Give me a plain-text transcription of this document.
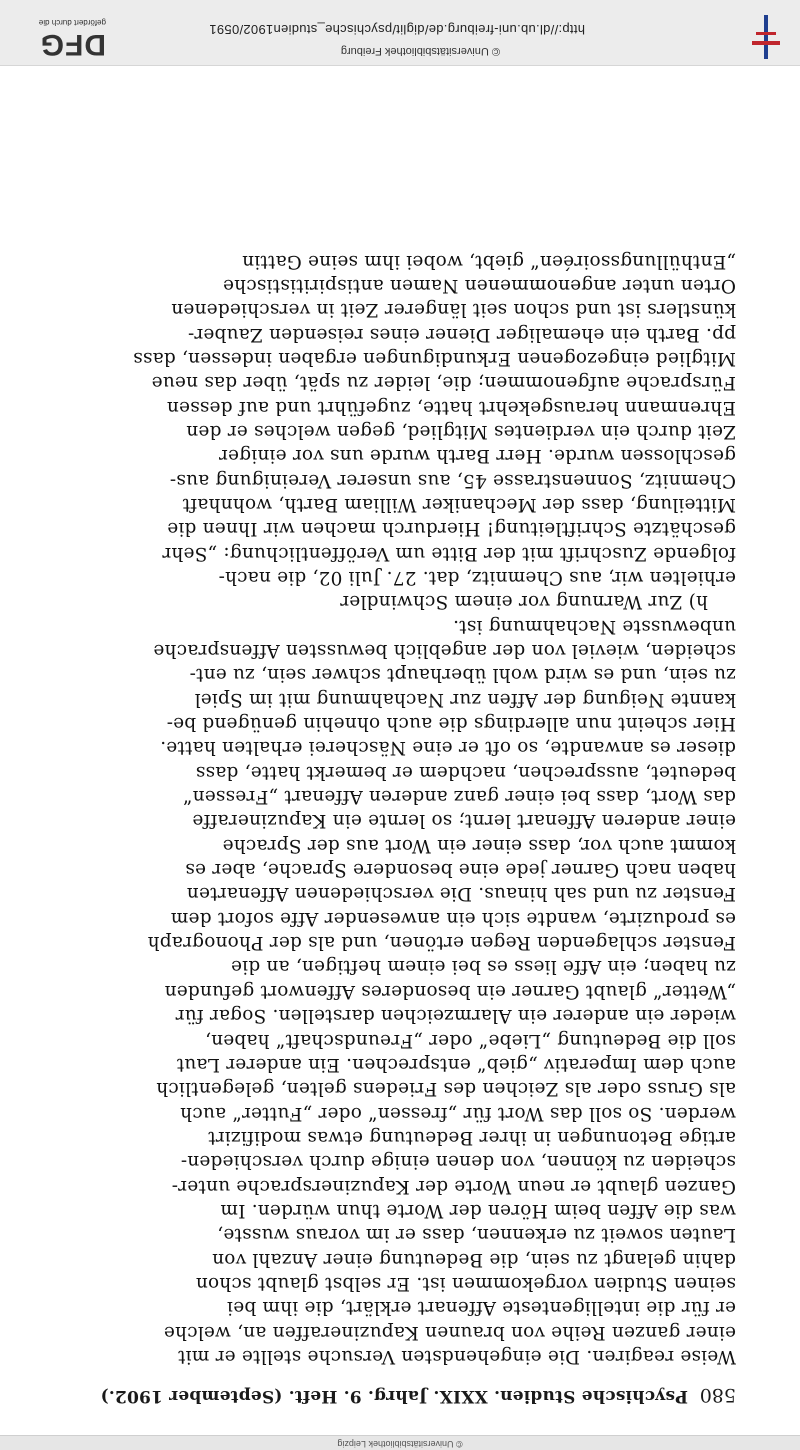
© Universitätsbibliothek Leipzig
580
Psychische Studien. XXIX. Jahrg. 9. Heft. (September 1902.)
Weise reagiren. Die eingehendsten Versuche stellte er mit
einer ganzen Reihe von braunen Kapuzineraffen an, welche
er für die intelligenteste Affenart erklärt, die ihm bei
seinen Studien vorgekommen ist. Er selbst glaubt schon
dahin gelangt zu sein, die Bedeutung einer Anzahl von
Lauten soweit zu erkennen, dass er im voraus wusste,
was die Affen beim Hören der Worte thun würden. Im
Ganzen glaubt er neun Worte der Kapuzinersprache unter-
scheiden zu können, von denen einige durch verschieden-
artige Betonungen in ihrer Bedeutung etwas modifizirt
werden. So soll das Wort für „fressen“ oder „Futter“ auch
als Gruss oder als Zeichen des Friedens gelten, gelegentlich
auch dem Imperativ „gieb“ entsprechen. Ein anderer Laut
soll die Bedeutung „Liebe“ oder „Freundschaft“ haben,
wieder ein anderer ein Alarmzeichen darstellen. Sogar für
„Wetter“ glaubt Garner ein besonderes Affenwort gefunden
zu haben; ein Affe liess es bei einem heftigen, an die
Fenster schlagenden Regen ertönen, und als der Phonograph
es produzirte, wandte sich ein anwesender Affe sofort dem
Fenster zu und sah hinaus. Die verschiedenen Affenarten
haben nach Garner jede eine besondere Sprache, aber es
kommt auch vor, dass einer ein Wort aus der Sprache
einer anderen Affenart lernt; so lernte ein Kapuzineraffe
das Wort, dass bei einer ganz anderen Affenart „Fressen“
bedeutet, aussprechen, nachdem er bemerkt hatte, dass
dieser es anwandte, so oft er eine Näscherei erhalten hatte.
Hier scheint nun allerdings die auch ohnehin genügend be-
kannte Neigung der Affen zur Nachahmung mit im Spiel
zu sein, und es wird wohl überhaupt schwer sein, zu ent-
scheiden, wieviel von der angeblich bewussten Affensprache
unbewusste Nachahmung ist.
h) Zur Warnung vor einem Schwindler
erhielten wir, aus Chemnitz, dat. 27. Juli 02, die nach-
folgende Zuschrift mit der Bitte um Veröffentlichung: „Sehr
geschätzte Schriftleitung! Hierdurch machen wir Ihnen die
Mitteilung, dass der Mechaniker William Barth, wohnhaft
Chemnitz, Sonnenstrasse 45, aus unserer Vereinigung aus-
geschlossen wurde. Herr Barth wurde uns vor einiger
Zeit durch ein verdientes Mitglied, gegen welches er den
Ehrenmann herausgekehrt hatte, zugeführt und auf dessen
Fürsprache aufgenommen; die, leider zu spät, über das neue
Mitglied eingezogenen Erkundigungen ergaben indessen, dass
pp. Barth ein ehemaliger Diener eines reisenden Zauber-
künstlers ist und schon seit längerer Zeit in verschiedenen
Orten unter angenommenen Namen antispiritistische
„Enthüllungssoiréen“ giebt, wobei ihm seine Gattin
© Universitätsbibliothek Freiburg
http://dl.ub.uni-freiburg.de/diglit/psychische_studien1902/0591
DFG
gefördert durch die
